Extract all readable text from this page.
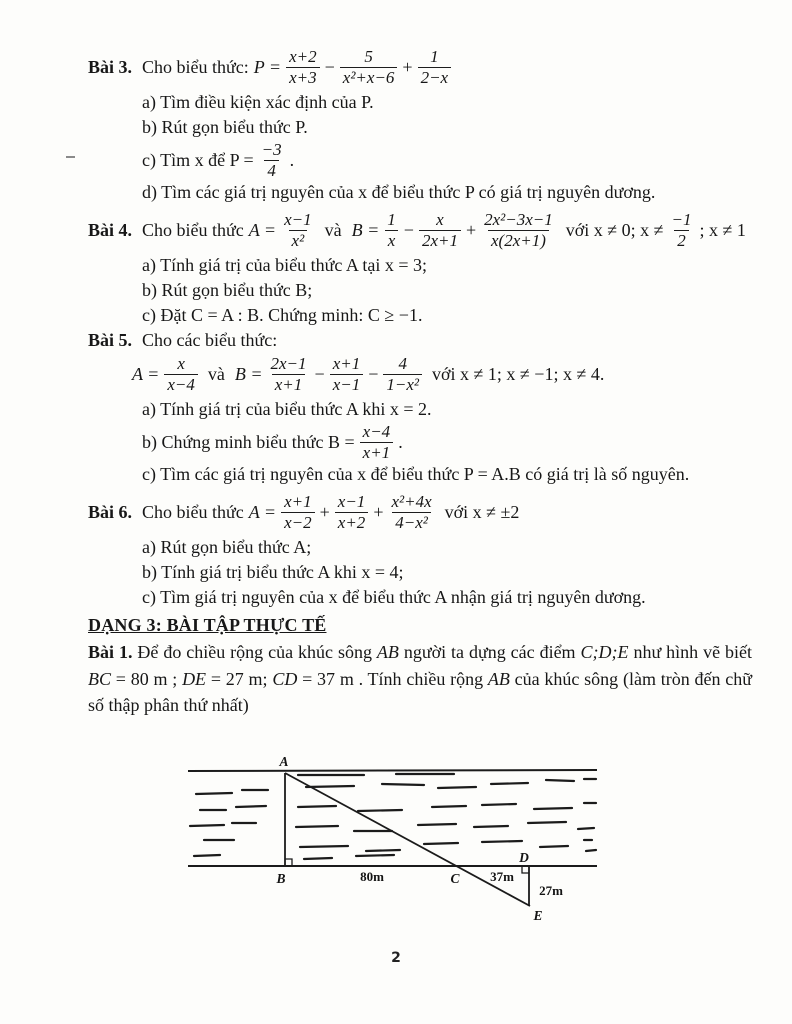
Bài 3. Cho biểu thức: $P = \frac{x+2}{x+3} - \frac{5}{\text{x²+x−6}} + \frac{1}{2-x}$
a) Tìm điều kiện xác định của P.
b) Rút gọn biểu thức P.
c) Tìm x để $P = \frac{-3}{4}$ .
d) Tìm các giá trị nguyên của x để biểu thức P có giá trị nguyên dương.
Bài 4. Cho biểu thức $A = \frac{x-1}{\text{x²}}$ và $B = \frac{1}{x} - \frac{x}{2x+1} + \frac{\text{2x²−3x−1}}{x(2x+1)}$ với x ≠ 0; $x \ne \frac{-1}{2}$ ; x ≠ 1
a) Tính giá trị của biểu thức A tại x = 3;
b) Rút gọn biểu thức B;
c) Đặt C = A : B. Chứng minh: C ≥ −1.
Bài 5. Cho các biểu thức:
$A = \frac{x}{x-4}$ và $B = \frac{2x-1}{x+1} - \frac{x+1}{x-1} - \frac{4}{\text{1−x²}}$ với x ≠ 1; x ≠ −1; x ≠ 4.
a) Tính giá trị của biểu thức A khi x = 2.
b) Chứng minh biểu thức $B = \frac{x-4}{x+1}$ .
c) Tìm các giá trị nguyên của x để biểu thức P = A.B có giá trị là số nguyên.
Bài 6. Cho biểu thức $A = \frac{x+1}{x-2} + \frac{x-1}{x+2} + \frac{\text{x²+4x}}{\text{4−x²}}$ với x ≠ ±2
a) Rút gọn biểu thức A;
b) Tính giá trị biểu thức A khi x = 4;
c) Tìm giá trị nguyên của x để biểu thức A nhận giá trị nguyên dương.
DẠNG 3: BÀI TẬP THỰC TẾ

Bài 1. Để đo chiều rộng của khúc sông AB người ta dựng các điểm C;D;E như hình vẽ biết BC = 80 m ; DE = 27 m; CD = 37 m . Tính chiều rộng AB của khúc sông (làm tròn đến chữ số thập phân thứ nhất)

A
B	C
D
E
80m	37m
27m
2
